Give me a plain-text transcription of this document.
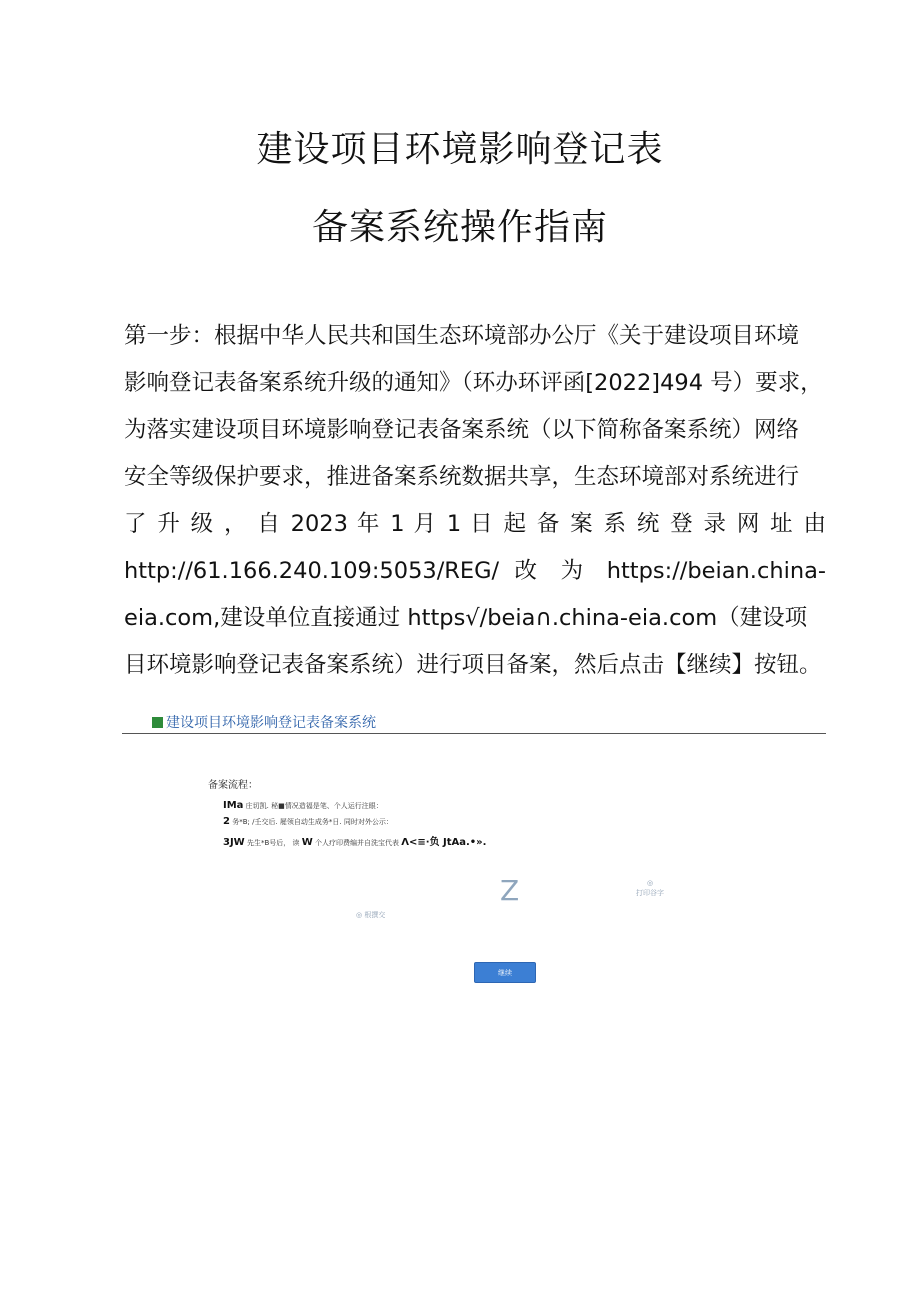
建设项目环境影响登记表
备案系统操作指南

第一步：根据中华人民共和国生态环境部办公厅《关于建设项目环境

影响登记表备案系统升级的通知》（环办环评函[2022]494 号）要求，

为落实建设项目环境影响登记表备案系统（以下简称备案系统）网络

安全等级保护要求，推进备案系统数据共享，生态环境部对系统进行

了 升 级 ， 自 2023 年 1 月 1 日 起 备 案 系 统 登 录 网 址 由

http://61.166.240.109:5053/REG/ 改 为 https://beian.china-

eia.com,建设单位直接通过 https√∕beia∩.china-eia.com（建设项

目环境影响登记表备案系统）进行项目备案，然后点击【继续】按钮。

建设项目环境影响登记表备案系统
备案流程：
IMa 庄切凯. 秘■情况造福是笔、个人运行注眼：
2 务*B; ∕壬交后. 屣领自动生成务*日. 同时对外公示：
3JW 先生*B号后， 读 W 个人疗印费编并自洗宝代表 Λ<≡·负 JtAa.•».
Z	◎
打印谷字
◎ 根撰交
继续
